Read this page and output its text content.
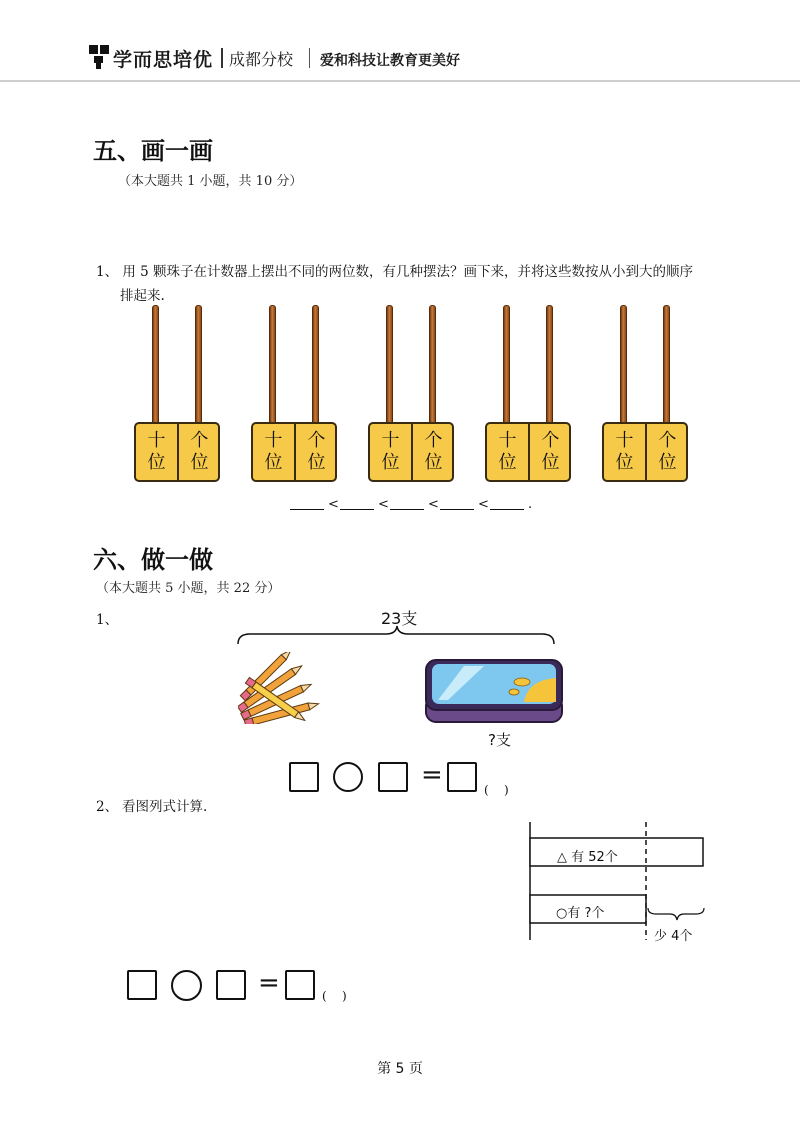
学而思培优 成都分校 爱和科技让教育更美好
五、画一画
（本大题共 1 小题，共 10 分）
1、 用 5 颗珠子在计数器上摆出不同的两位数，有几种摆法？画下来，并将这些数按从小到大的顺序
排起来.
十
位
个
位
十
位
个
位
十
位
个
位
十
位
个
位
十
位
个
位
<	<	<	<	.
六、做一做
（本大题共 5 小题，共 22 分）
1、	23支
?支
=	(    )
2、 看图列式计算.
△ 有 52个
○有 ?个
少 4个
=	(    )
第 5 页
